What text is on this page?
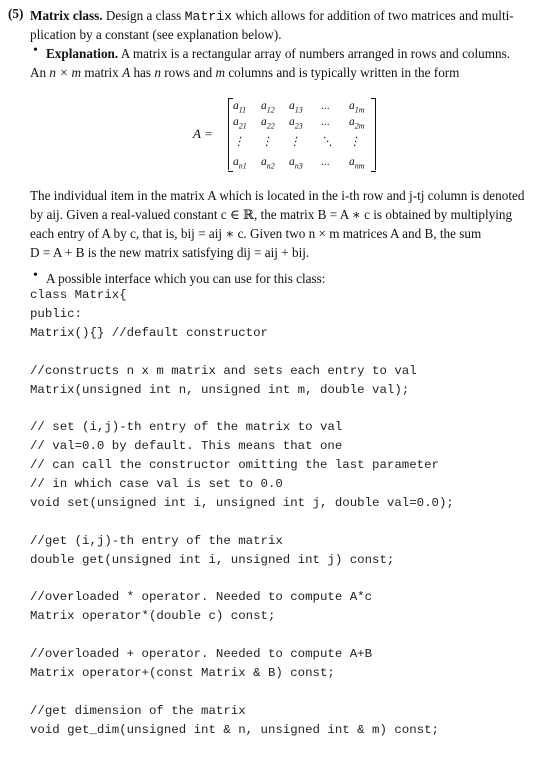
(5) Matrix class. Design a class Matrix which allows for addition of two matrices and multi-
plication by a constant (see explanation below).
• Explanation. A matrix is a rectangular array of numbers arranged in rows and columns.
An n × m matrix A has n rows and m columns and is typically written in the form
A =
$a_{11}$ $a_{12}$ $a_{13}$ ... $a_{1m}$
$a_{21}$ $a_{22}$ $a_{23}$ ... $a_{2m}$
⋮ ⋮ ⋮ ⋱ ⋮
$a_{n1}$ $a_{n2}$ $a_{n3}$ ... $a_{nm}$
The individual item in the matrix A which is located in the i-th row and j-tj column is denoted
by aij. Given a real-valued constant c ∈ ℝ, the matrix B = A ∗ c is obtained by multiplying
each entry of A by c, that is, bij = aij ∗ c. Given two n × m matrices A and B, the sum
D = A + B is the new matrix satisfying dij = aij + bij.
• A possible interface which you can use for this class:
class Matrix{
public:
Matrix(){} //default constructor
//constructs n x m matrix and sets each entry to val
Matrix(unsigned int n, unsigned int m, double val);
// set (i,j)-th entry of the matrix to val
// val=0.0 by default. This means that one
// can call the constructor omitting the last parameter
// in which case val is set to 0.0
void set(unsigned int i, unsigned int j, double val=0.0);
//get (i,j)-th entry of the matrix
double get(unsigned int i, unsigned int j) const;
//overloaded * operator. Needed to compute A*c
Matrix operator*(double c) const;
//overloaded + operator. Needed to compute A+B
Matrix operator+(const Matrix & B) const;
//get dimension of the matrix
void get_dim(unsigned int & n, unsigned int & m) const;
